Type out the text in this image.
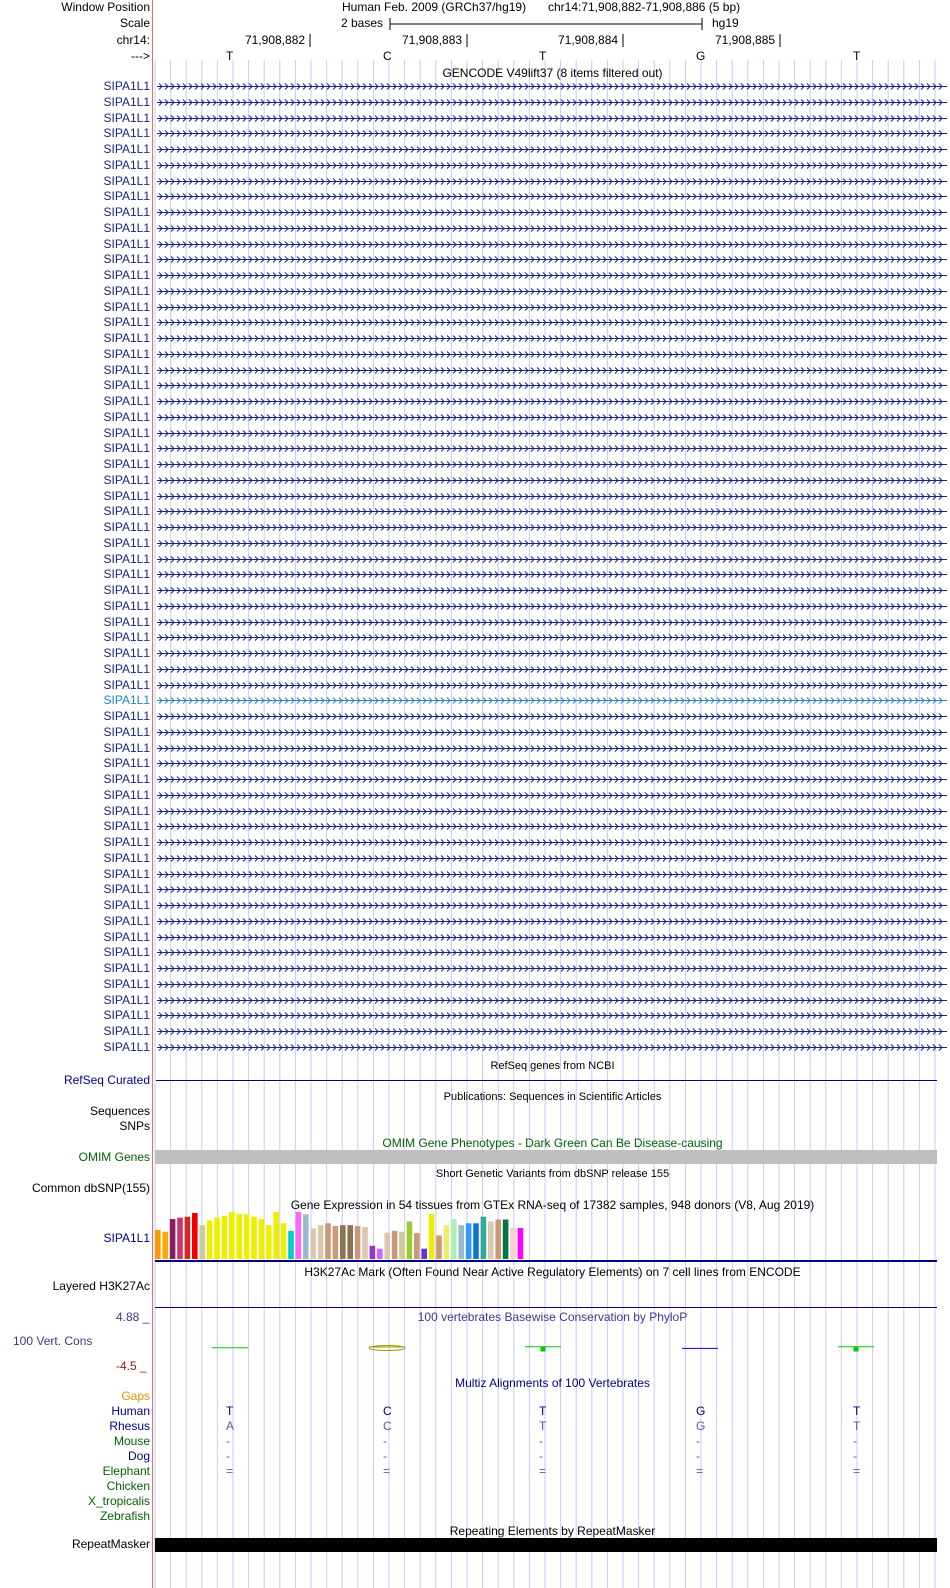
Window Position
Scale
chr14:
--->
Human Feb. 2009 (GRCh37/hg19) chr14:71,908,882-71,908,886 (5 bp)
2 bases	hg19
71,908,882	71,908,883	71,908,884	71,908,885
T	C	T	G	T
GENCODE V49lift37 (8 items filtered out)
SIPA1L1
SIPA1L1
SIPA1L1
SIPA1L1
SIPA1L1
SIPA1L1
SIPA1L1
SIPA1L1
SIPA1L1
SIPA1L1
SIPA1L1
SIPA1L1
SIPA1L1
SIPA1L1
SIPA1L1
SIPA1L1
SIPA1L1
SIPA1L1
SIPA1L1
SIPA1L1
SIPA1L1
SIPA1L1
SIPA1L1
SIPA1L1
SIPA1L1
SIPA1L1
SIPA1L1
SIPA1L1
SIPA1L1
SIPA1L1
SIPA1L1
SIPA1L1
SIPA1L1
SIPA1L1
SIPA1L1
SIPA1L1
SIPA1L1
SIPA1L1
SIPA1L1
SIPA1L1
SIPA1L1
SIPA1L1
SIPA1L1
SIPA1L1
SIPA1L1
SIPA1L1
SIPA1L1
SIPA1L1
SIPA1L1
SIPA1L1
SIPA1L1
SIPA1L1
SIPA1L1
SIPA1L1
SIPA1L1
SIPA1L1
SIPA1L1
SIPA1L1
SIPA1L1
SIPA1L1
SIPA1L1
SIPA1L1
RefSeq genes from NCBI
RefSeq Curated
Publications: Sequences in Scientific Articles
Sequences
SNPs
OMIM Gene Phenotypes - Dark Green Can Be Disease-causing
OMIM Genes
Short Genetic Variants from dbSNP release 155
Common dbSNP(155)
Gene Expression in 54 tissues from GTEx RNA-seq of 17382 samples, 948 donors (V8, Aug 2019)
SIPA1L1
H3K27Ac Mark (Often Found Near Active Regulatory Elements) on 7 cell lines from ENCODE
Layered H3K27Ac
100 vertebrates Basewise Conservation by PhyloP
4.88 _
100 Vert. Cons
-4.5 _
Multiz Alignments of 100 Vertebrates
Gaps
Human	T	C	T	G	T
Rhesus	A	C	T	G	T
Mouse	-	-	-	-	-
Dog	-	-	-	-	-
Elephant	=	=	=	=	=
Chicken
X_tropicalis
Zebrafish
Repeating Elements by RepeatMasker
RepeatMasker
